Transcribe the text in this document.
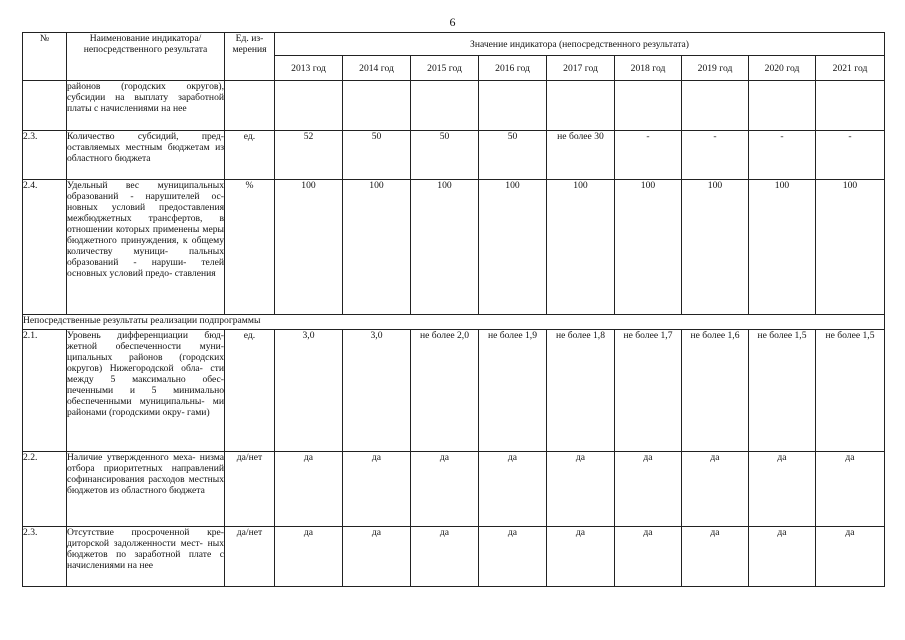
6
№	Наименование индикатора/ непосредственного результата	Ед. из- мерения	Значение индикатора (непосредственного результата)								
			2013 год	2014 год	2015 год	2016 год	2017 год	2018 год	2019 год	2020 год	2021 год
	районов (городских округов), субсидии на выплату заработной платы с начислениями на нее										
2.3.	Количество субсидий, пред- оставляемых местным бюджетам из областного бюджета	ед.	52	50	50	50	не более 30	-	-	-	-
2.4.	Удельный вес муниципальных образований - нарушителей ос- новных условий предоставления межбюджетных трансфертов, в отношении которых применены меры бюджетного принуждения, к общему количеству муници- пальных образований - наруши- телей основных условий предо- ставления	%	100	100	100	100	100	100	100	100	100
Непосредственные результаты реализации подпрограммы											
2.1.	Уровень дифференциации бюд- жетной обеспеченности муни- ципальных районов (городских округов) Нижегородской обла- сти между 5 максимально обес- печенными и 5 минимально обеспеченными муниципальны- ми районами (городскими окру- гами)	ед.	3,0	3,0	не более 2,0	не более 1,9	не более 1,8	не более 1,7	не более 1,6	не более 1,5	не более 1,5
2.2.	Наличие утвержденного меха- низма отбора приоритетных направлений софинансирования расходов местных бюджетов из областного бюджета	да/нет	да	да	да	да	да	да	да	да	да
2.3.	Отсутствие просроченной кре- диторской задолженности мест- ных бюджетов по заработной плате с начислениями на нее	да/нет	да	да	да	да	да	да	да	да	да
